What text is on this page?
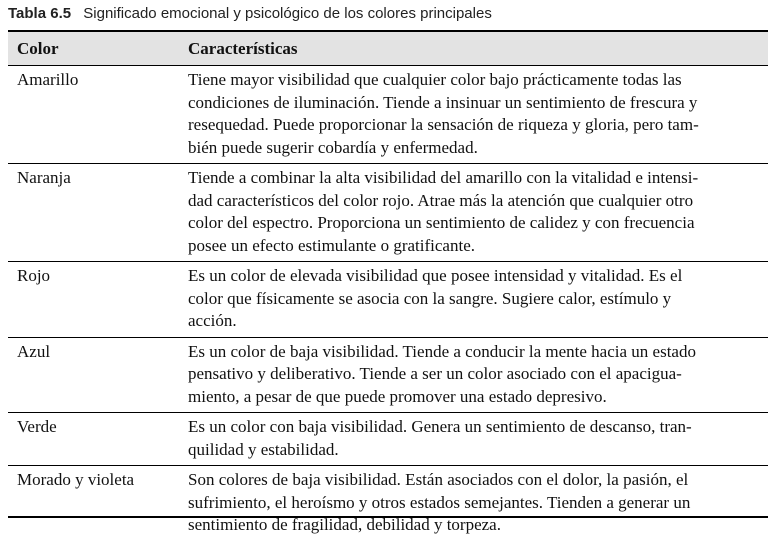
Tabla 6.5 Significado emocional y psicológico de los colores principales
Color	Características
Amarillo	Tiene mayor visibilidad que cualquier color bajo prácticamente todas las
condiciones de iluminación. Tiende a insinuar un sentimiento de frescura y
resequedad. Puede proporcionar la sensación de riqueza y gloria, pero tam-
bién puede sugerir cobardía y enfermedad.
Naranja	Tiende a combinar la alta visibilidad del amarillo con la vitalidad e intensi-
dad característicos del color rojo. Atrae más la atención que cualquier otro
color del espectro. Proporciona un sentimiento de calidez y con frecuencia
posee un efecto estimulante o gratificante.
Rojo	Es un color de elevada visibilidad que posee intensidad y vitalidad. Es el
color que físicamente se asocia con la sangre. Sugiere calor, estímulo y
acción.
Azul	Es un color de baja visibilidad. Tiende a conducir la mente hacia un estado
pensativo y deliberativo. Tiende a ser un color asociado con el apacigua-
miento, a pesar de que puede promover una estado depresivo.
Verde	Es un color con baja visibilidad. Genera un sentimiento de descanso, tran-
quilidad y estabilidad.
Morado y violeta	Son colores de baja visibilidad. Están asociados con el dolor, la pasión, el
sufrimiento, el heroísmo y otros estados semejantes. Tienden a generar un
sentimiento de fragilidad, debilidad y torpeza.
